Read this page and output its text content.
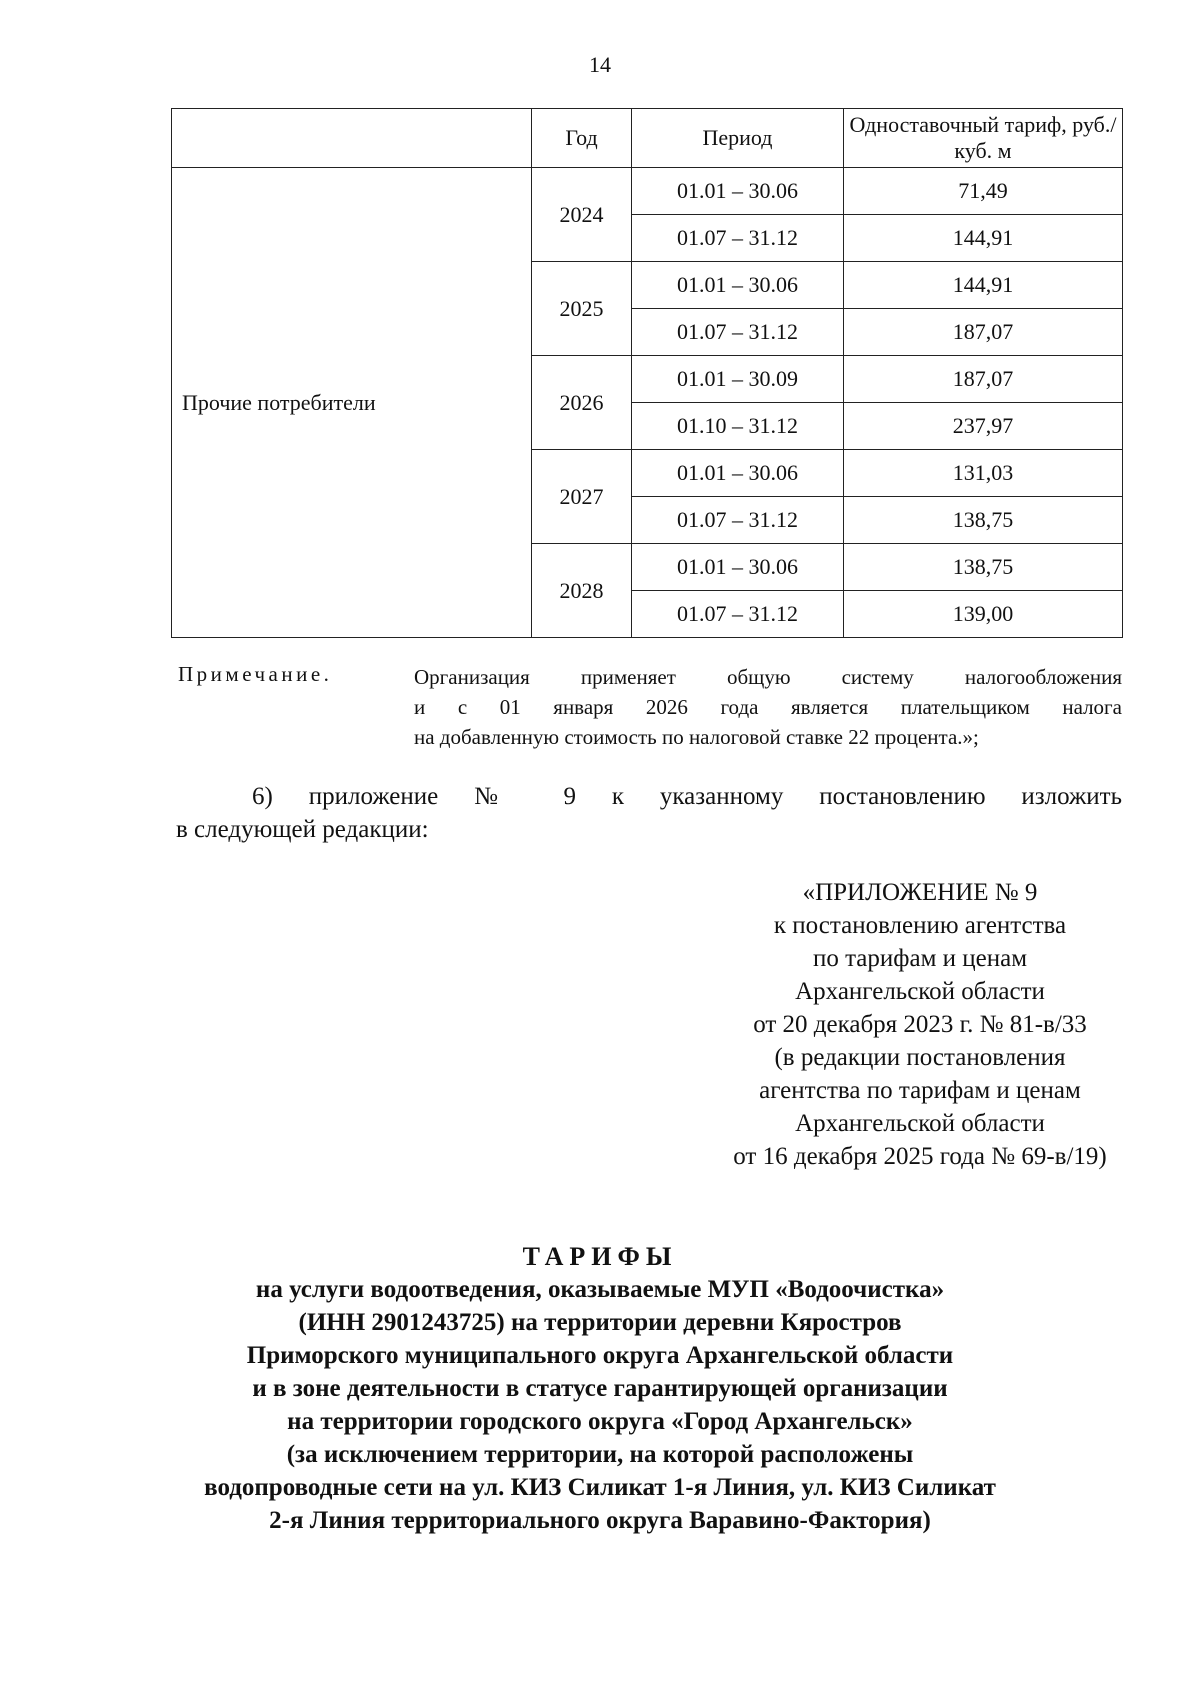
14
	Год	Период	Одноставочный тариф, руб./куб. м
Прочие потребители	2024	01.01 – 30.06	71,49
		01.07 – 31.12	144,91
	2025	01.01 – 30.06	144,91
		01.07 – 31.12	187,07
	2026	01.01 – 30.09	187,07
		01.10 – 31.12	237,97
	2027	01.01 – 30.06	131,03
		01.07 – 31.12	138,75
	2028	01.01 – 30.06	138,75
		01.07 – 31.12	139,00
Примечание.	Организация применяет общую систему налогообложения
и с 01 января 2026 года является плательщиком налога
на добавленную стоимость по налоговой ставке 22 процента.»;
6) приложение № 9 к указанному постановлению изложить
в следующей редакции:
«ПРИЛОЖЕНИЕ № 9
к постановлению агентства
по тарифам и ценам
Архангельской области
от 20 декабря 2023 г. № 81-в/33
(в редакции постановления
агентства по тарифам и ценам
Архангельской области
от 16 декабря 2025 года № 69-в/19)
ТАРИФЫ
на услуги водоотведения, оказываемые МУП «Водоочистка»
(ИНН 2901243725) на территории деревни Кяростров
Приморского муниципального округа Архангельской области
и в зоне деятельности в статусе гарантирующей организации
на территории городского округа «Город Архангельск»
(за исключением территории, на которой расположены
водопроводные сети на ул. КИЗ Силикат 1-я Линия, ул. КИЗ Силикат
2-я Линия территориального округа Варавино-Фактория)
